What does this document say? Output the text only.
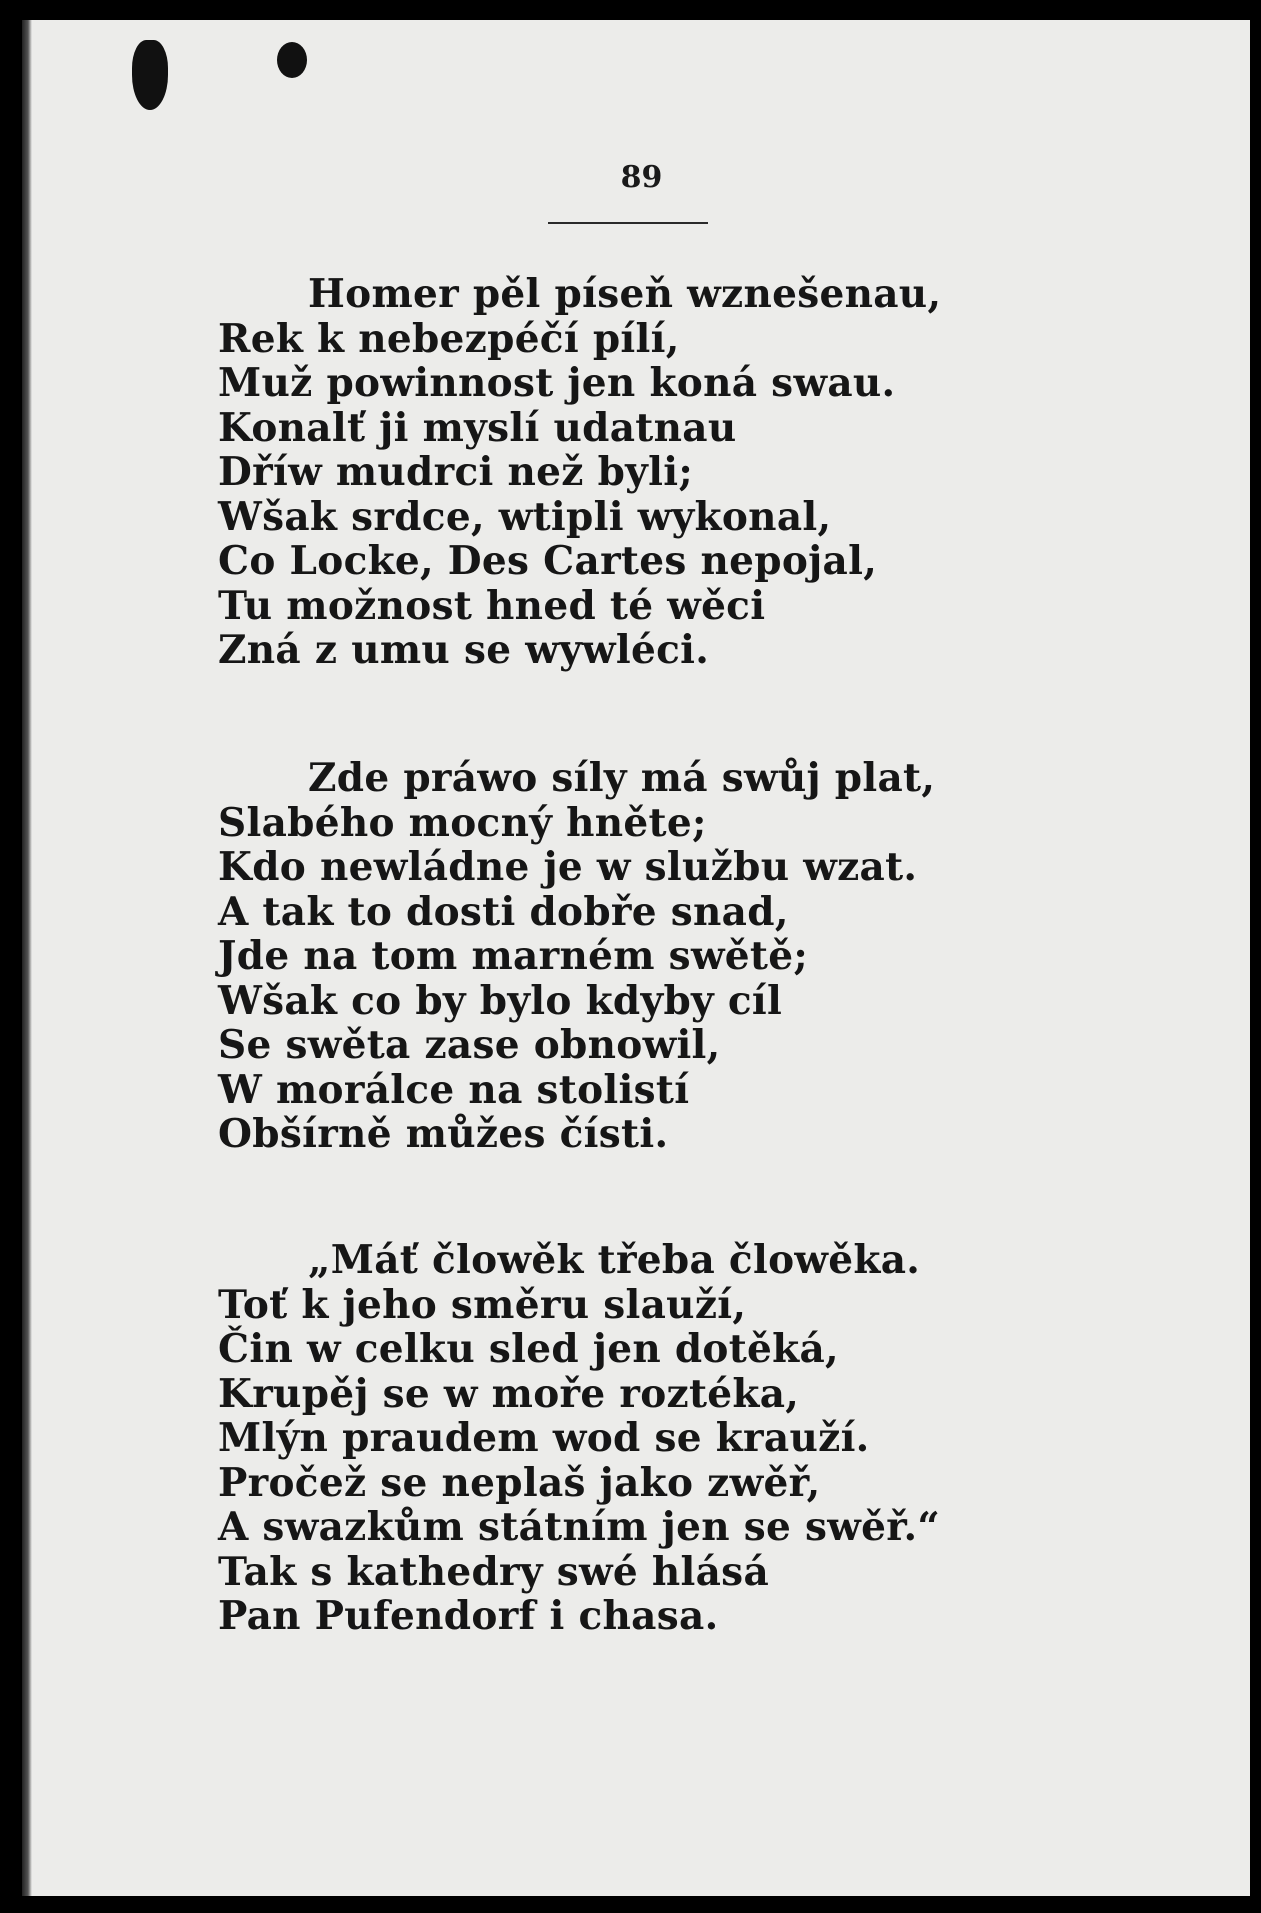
89
Homer pěl píseň wznešenau,
Rek k nebezpéčí pílí,
Muž powinnost jen koná swau.
Konalť ji myslí udatnau
Dříw mudrci než byli;
Wšak srdce, wtipli wykonal,
Co Locke, Des Cartes nepojal,
Tu možnost hned té wěci
Zná z umu se wywléci.
Zde práwo síly má swůj plat,
Slabého mocný hněte;
Kdo newládne je w službu wzat.
A tak to dosti dobře snad,
Jde na tom marném swětě;
Wšak co by bylo kdyby cíl
Se swěta zase obnowil,
W morálce na stolistí
Obšírně můžes čísti.
„Máť člowěk třeba člowěka.
Toť k jeho směru slauží,
Čin w celku sled jen dotěká,
Krupěj se w moře roztéka,
Mlýn praudem wod se krauží.
Pročež se neplaš jako zwěř,
A swazkům státním jen se swěř.“
Tak s kathedry swé hlásá
Pan Pufendorf i chasa.
